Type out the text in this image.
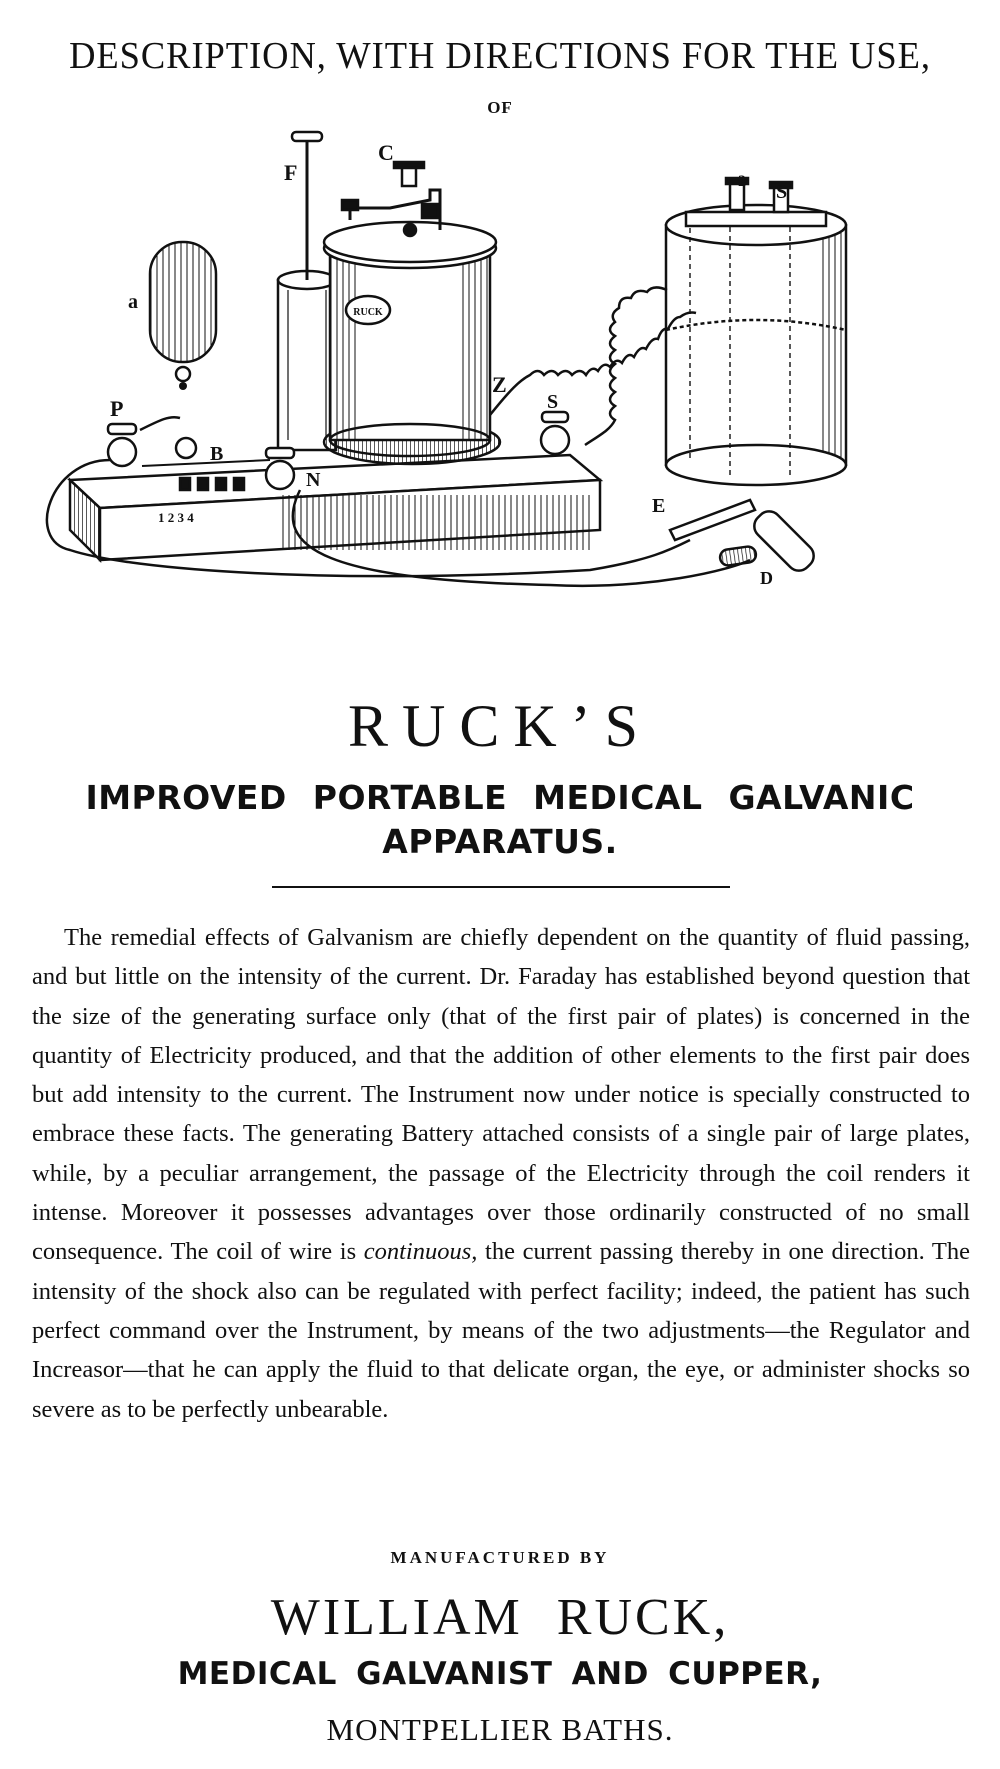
DESCRIPTION, WITH DIRECTIONS FOR THE USE,
OF
RUCK
F
C
a
P
B
N
Z
S
S
2
E
D
1 2 3 4
RUCK’S
IMPROVED PORTABLE MEDICAL GALVANIC
APPARATUS.
The remedial effects of Galvanism are chiefly dependent on the quantity of fluid passing, and but little on the intensity of the current. Dr. Faraday has established beyond question that the size of the generating surface only (that of the first pair of plates) is concerned in the quantity of Electricity produced, and that the addition of other elements to the first pair does but add intensity to the current. The Instrument now under notice is specially constructed to embrace these facts. The generating Battery attached consists of a single pair of large plates, while, by a peculiar arrangement, the passage of the Electricity through the coil renders it intense. Moreover it possesses advantages over those ordinarily constructed of no small consequence. The coil of wire is continuous, the current passing thereby in one direction. The intensity of the shock also can be regulated with perfect facility; indeed, the patient has such perfect command over the Instrument, by means of the two adjustments—the Regulator and Increasor—that he can apply the fluid to that delicate organ, the eye, or administer shocks so severe as to be perfectly unbearable.
MANUFACTURED BY
WILLIAM RUCK,
MEDICAL GALVANIST AND CUPPER,
MONTPELLIER BATHS.
